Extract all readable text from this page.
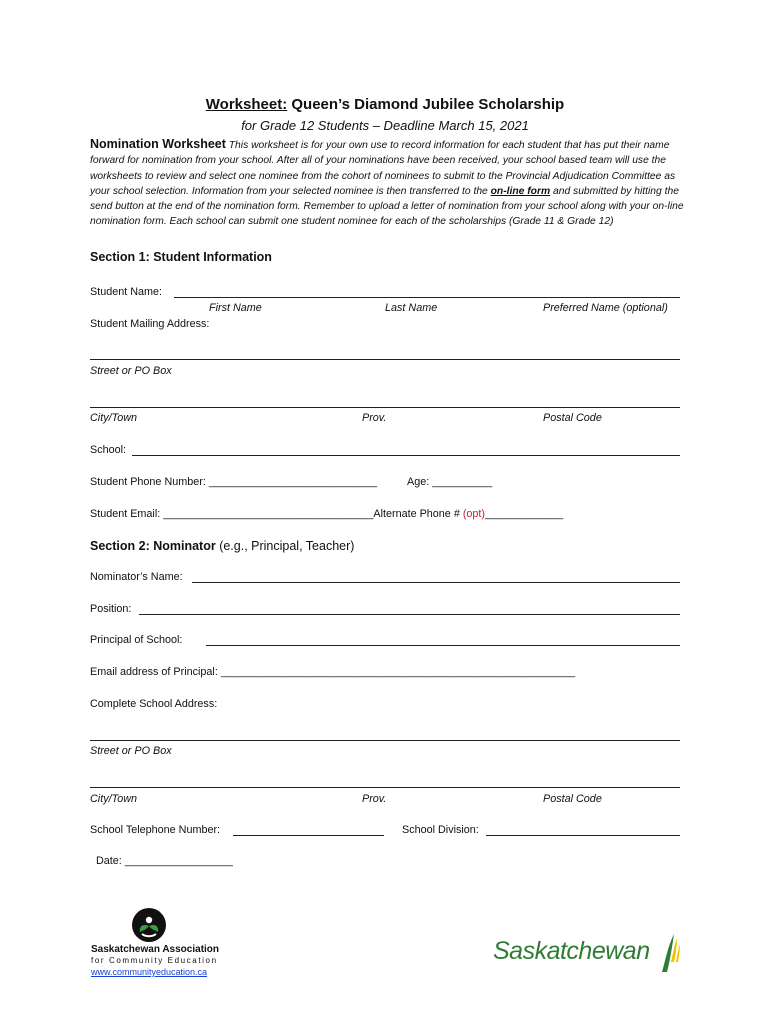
Worksheet: Queen’s Diamond Jubilee Scholarship
for Grade 12 Students – Deadline March 15, 2021
Nomination Worksheet This worksheet is for your own use to record information for each student that has put their name forward for nomination from your school. After all of your nominations have been received, your school based team will use the worksheets to review and select one nominee from the cohort of nominees to submit to the Provincial Adjudication Committee as your school selection. Information from your selected nominee is then transferred to the on-line form and submitted by hitting the send button at the end of the nomination form. Remember to upload a letter of nomination from your school along with your on-line nomination form. Each school can submit one student nominee for each of the scholarships (Grade 11 & Grade 12)
Section 1: Student Information
Student Name:
First Name	Last Name	Preferred Name (optional)
Student Mailing Address:
Street or PO Box
City/Town	Prov.	Postal Code
School:
Student Phone Number: ____________________________	Age: __________
Student Email: ___________________________________Alternate Phone # (opt)_____________
Section 2: Nominator (e.g., Principal, Teacher)
Nominator’s Name:
Position:
Principal of School:
Email address of Principal: ___________________________________________________________
Complete School Address:
Street or PO Box
City/Town	Prov.	Postal Code
School Telephone Number:	School Division:
Date: __________________
Saskatchewan Association
for Community Education
www.communityeducation.ca
Saskatchewan
